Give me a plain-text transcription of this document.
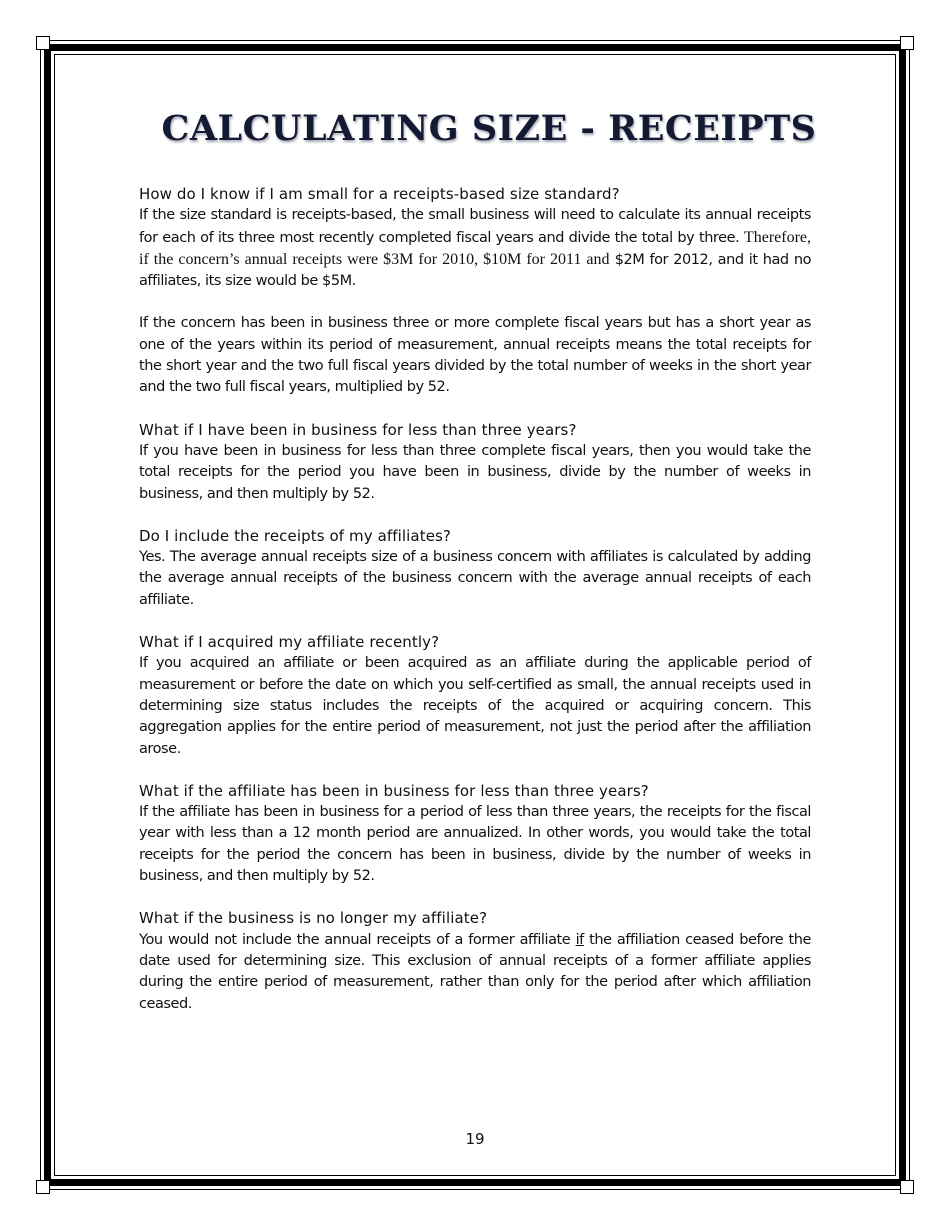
CALCULATING SIZE - RECEIPTS

How do I know if I am small for a receipts-based size standard?

If the size standard is receipts-based, the small business will need to calculate its annual receipts for each of its three most recently completed fiscal years and divide the total by three. Therefore, if the concern’s annual receipts were $3M for 2010, $10M for 2011 and $2M for 2012, and it had no affiliates, its size would be $5M.

If the concern has been in business three or more complete fiscal years but has a short year as one of the years within its period of measurement, annual receipts means the total receipts for the short year and the two full fiscal years divided by the total number of weeks in the short year and the two full fiscal years, multiplied by 52.

What if I have been in business for less than three years?

If you have been in business for less than three complete fiscal years, then you would take the total receipts for the period you have been in business, divide by the number of weeks in business, and then multiply by 52.

Do I include the receipts of my affiliates?

Yes. The average annual receipts size of a business concern with affiliates is calculated by adding the average annual receipts of the business concern with the average annual receipts of each affiliate.

What if I acquired my affiliate recently?

If you acquired an affiliate or been acquired as an affiliate during the applicable period of measurement or before the date on which you self-certified as small, the annual receipts used in determining size status includes the receipts of the acquired or acquiring concern. This aggregation applies for the entire period of measurement, not just the period after the affiliation arose.

What if the affiliate has been in business for less than three years?

If the affiliate has been in business for a period of less than three years, the receipts for the fiscal year with less than a 12 month period are annualized. In other words, you would take the total receipts for the period the concern has been in business, divide by the number of weeks in business, and then multiply by 52.

What if the business is no longer my affiliate?

You would not include the annual receipts of a former affiliate if the affiliation ceased before the date used for determining size. This exclusion of annual receipts of a former affiliate applies during the entire period of measurement, rather than only for the period after which affiliation ceased.

19
